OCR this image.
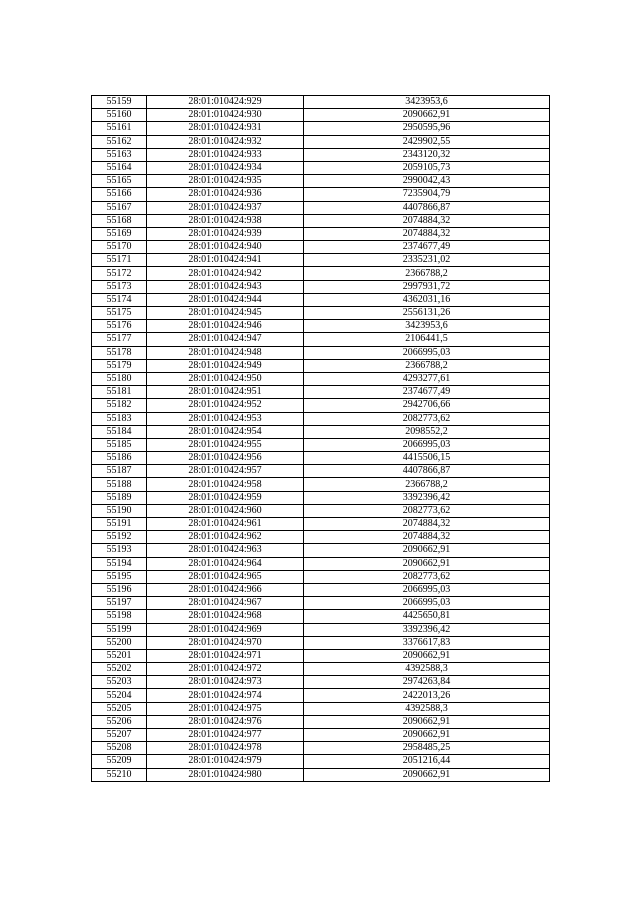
55159	28:01:010424:929	3423953,6
55160	28:01:010424:930	2090662,91
55161	28:01:010424:931	2950595,96
55162	28:01:010424:932	2429902,55
55163	28:01:010424:933	2343120,32
55164	28:01:010424:934	2059105,73
55165	28:01:010424:935	2990042,43
55166	28:01:010424:936	7235904,79
55167	28:01:010424:937	4407866,87
55168	28:01:010424:938	2074884,32
55169	28:01:010424:939	2074884,32
55170	28:01:010424:940	2374677,49
55171	28:01:010424:941	2335231,02
55172	28:01:010424:942	2366788,2
55173	28:01:010424:943	2997931,72
55174	28:01:010424:944	4362031,16
55175	28:01:010424:945	2556131,26
55176	28:01:010424:946	3423953,6
55177	28:01:010424:947	2106441,5
55178	28:01:010424:948	2066995,03
55179	28:01:010424:949	2366788,2
55180	28:01:010424:950	4293277,61
55181	28:01:010424:951	2374677,49
55182	28:01:010424:952	2942706,66
55183	28:01:010424:953	2082773,62
55184	28:01:010424:954	2098552,2
55185	28:01:010424:955	2066995,03
55186	28:01:010424:956	4415506,15
55187	28:01:010424:957	4407866,87
55188	28:01:010424:958	2366788,2
55189	28:01:010424:959	3392396,42
55190	28:01:010424:960	2082773,62
55191	28:01:010424:961	2074884,32
55192	28:01:010424:962	2074884,32
55193	28:01:010424:963	2090662,91
55194	28:01:010424:964	2090662,91
55195	28:01:010424:965	2082773,62
55196	28:01:010424:966	2066995,03
55197	28:01:010424:967	2066995,03
55198	28:01:010424:968	4425650,81
55199	28:01:010424:969	3392396,42
55200	28:01:010424:970	3376617,83
55201	28:01:010424:971	2090662,91
55202	28:01:010424:972	4392588,3
55203	28:01:010424:973	2974263,84
55204	28:01:010424:974	2422013,26
55205	28:01:010424:975	4392588,3
55206	28:01:010424:976	2090662,91
55207	28:01:010424:977	2090662,91
55208	28:01:010424:978	2958485,25
55209	28:01:010424:979	2051216,44
55210	28:01:010424:980	2090662,91
